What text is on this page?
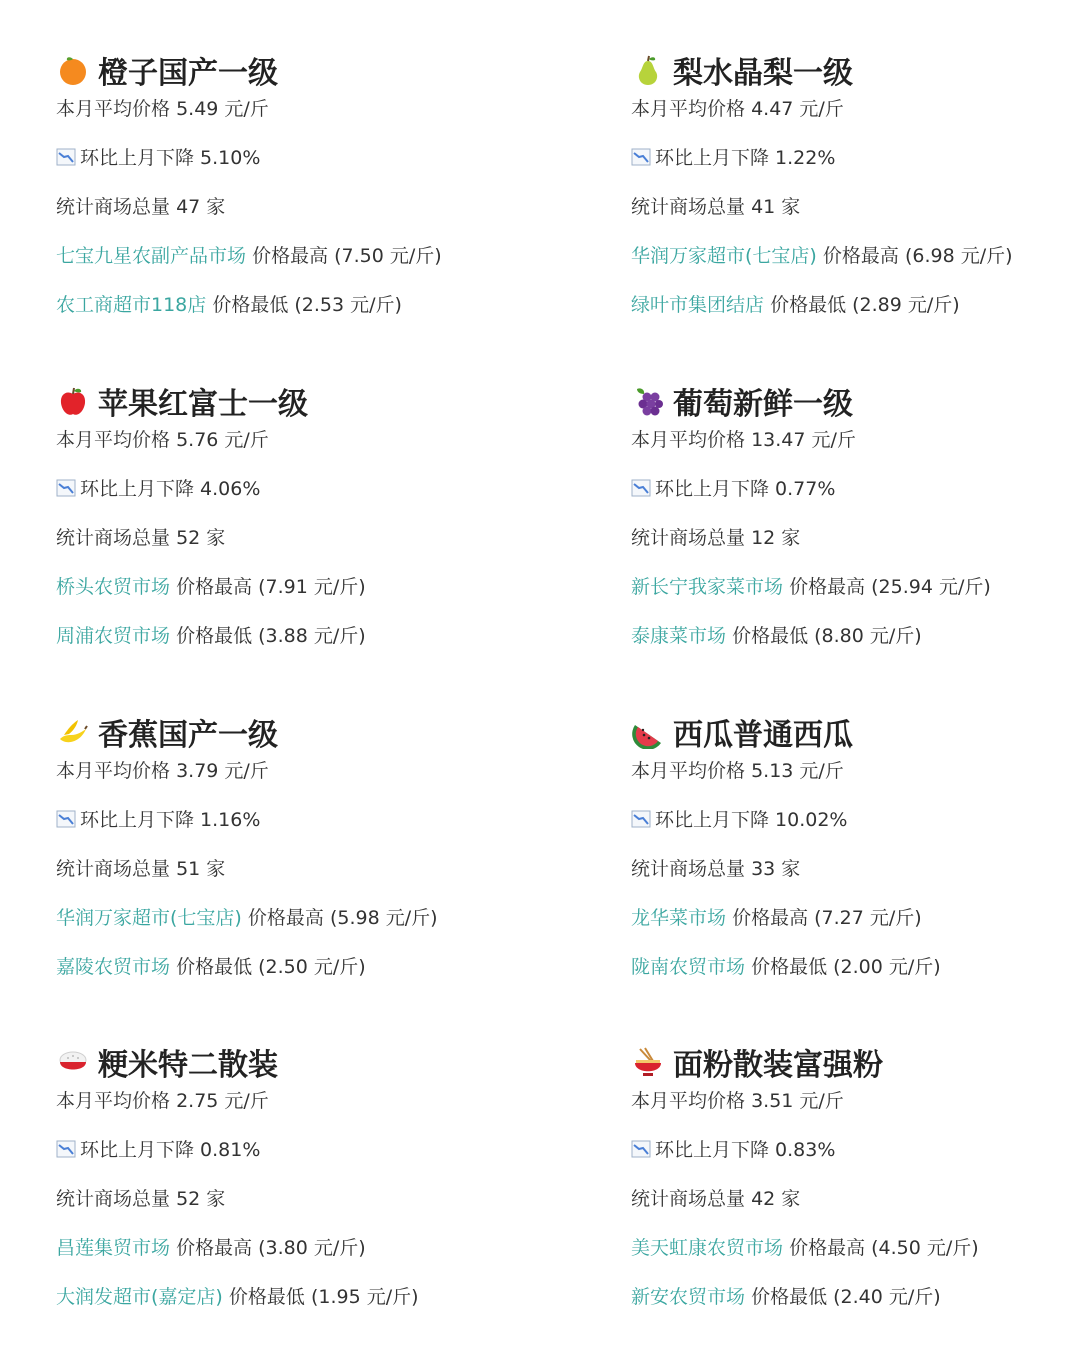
橙子国产一级
本月平均价格 5.49 元/斤
环比上月下降 5.10%
统计商场总量 47 家
七宝九星农副产品市场 价格最高 (7.50 元/斤)
农工商超市118店 价格最低 (2.53 元/斤)
梨水晶梨一级
本月平均价格 4.47 元/斤
环比上月下降 1.22%
统计商场总量 41 家
华润万家超市(七宝店) 价格最高 (6.98 元/斤)
绿叶市集团结店 价格最低 (2.89 元/斤)
苹果红富士一级
本月平均价格 5.76 元/斤
环比上月下降 4.06%
统计商场总量 52 家
桥头农贸市场 价格最高 (7.91 元/斤)
周浦农贸市场 价格最低 (3.88 元/斤)
葡萄新鲜一级
本月平均价格 13.47 元/斤
环比上月下降 0.77%
统计商场总量 12 家
新长宁我家菜市场 价格最高 (25.94 元/斤)
泰康菜市场 价格最低 (8.80 元/斤)
香蕉国产一级
本月平均价格 3.79 元/斤
环比上月下降 1.16%
统计商场总量 51 家
华润万家超市(七宝店) 价格最高 (5.98 元/斤)
嘉陵农贸市场 价格最低 (2.50 元/斤)
西瓜普通西瓜
本月平均价格 5.13 元/斤
环比上月下降 10.02%
统计商场总量 33 家
龙华菜市场 价格最高 (7.27 元/斤)
陇南农贸市场 价格最低 (2.00 元/斤)
粳米特二散装
本月平均价格 2.75 元/斤
环比上月下降 0.81%
统计商场总量 52 家
昌莲集贸市场 价格最高 (3.80 元/斤)
大润发超市(嘉定店) 价格最低 (1.95 元/斤)
面粉散装富强粉
本月平均价格 3.51 元/斤
环比上月下降 0.83%
统计商场总量 42 家
美天虹康农贸市场 价格最高 (4.50 元/斤)
新安农贸市场 价格最低 (2.40 元/斤)
